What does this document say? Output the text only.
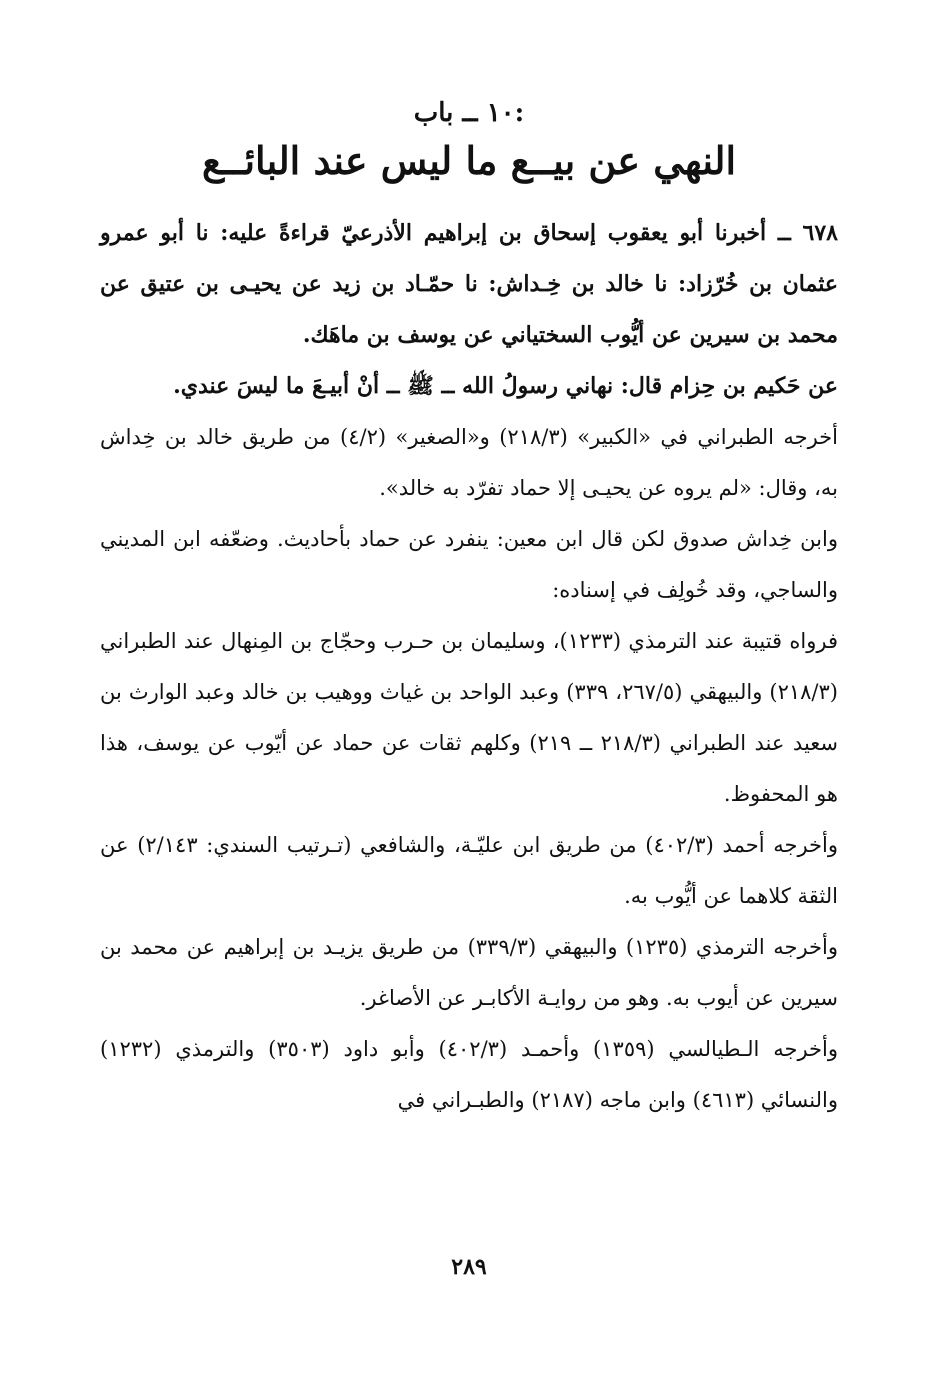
١٠ ــ باب:
النهي عن بيــع ما ليس عند البائــع

٦٧٨ ــ أخبرنا أبو يعقوب إسحاق بن إبراهيم الأذرعيّ قراءةً عليه: نا أبو عمرو عثمان بن خُرّزاد: نا خالد بن خِـداش: نا حمّـاد بن زيد عن يحيـى بن عتيق عن محمد بن سيرين عن أيُّوب السختياني عن يوسف بن ماهَك.

عن حَكيم بن حِزام قال: نهاني رسولُ الله ــ ﷺ ــ أنْ أبيـعَ ما ليسَ عندي.

أخرجه الطبراني في «الكبير» (٢١٨/٣) و«الصغير» (٤/٢) من طريق خالد بن خِداش به، وقال: «لم يروه عن يحيـى إلا حماد تفرّد به خالد».

وابن خِداش صدوق لكن قال ابن معين: ينفرد عن حماد بأحاديث. وضعّفه ابن المديني والساجي، وقد خُولِف في إسناده:

فرواه قتيبة عند الترمذي (١٢٣٣)، وسليمان بن حـرب وحجّاج بن المِنهال عند الطبراني (٢١٨/٣) والبيهقي (٢٦٧/٥، ٣٣٩) وعبد الواحد بن غياث ووهيب بن خالد وعبد الوارث بن سعيد عند الطبراني (٢١٨/٣ ــ ٢١٩) وكلهم ثقات عن حماد عن أيّوب عن يوسف، هذا هو المحفوظ.

وأخرجه أحمد (٤٠٢/٣) من طريق ابن عليّـة، والشافعي (تـرتيب السندي: ٢/١٤٣) عن الثقة كلاهما عن أيُّوب به.

وأخرجه الترمذي (١٢٣٥) والبيهقي (٣٣٩/٣) من طريق يزيـد بن إبراهيم عن محمد بن سيرين عن أيوب به. وهو من روايـة الأكابـر عن الأصاغر.

وأخرجه الـطيالسي (١٣٥٩) وأحمـد (٤٠٢/٣) وأبو داود (٣٥٠٣) والترمذي (١٢٣٢) والنسائي (٤٦١٣) وابن ماجه (٢١٨٧) والطبـراني في

٢٨٩
